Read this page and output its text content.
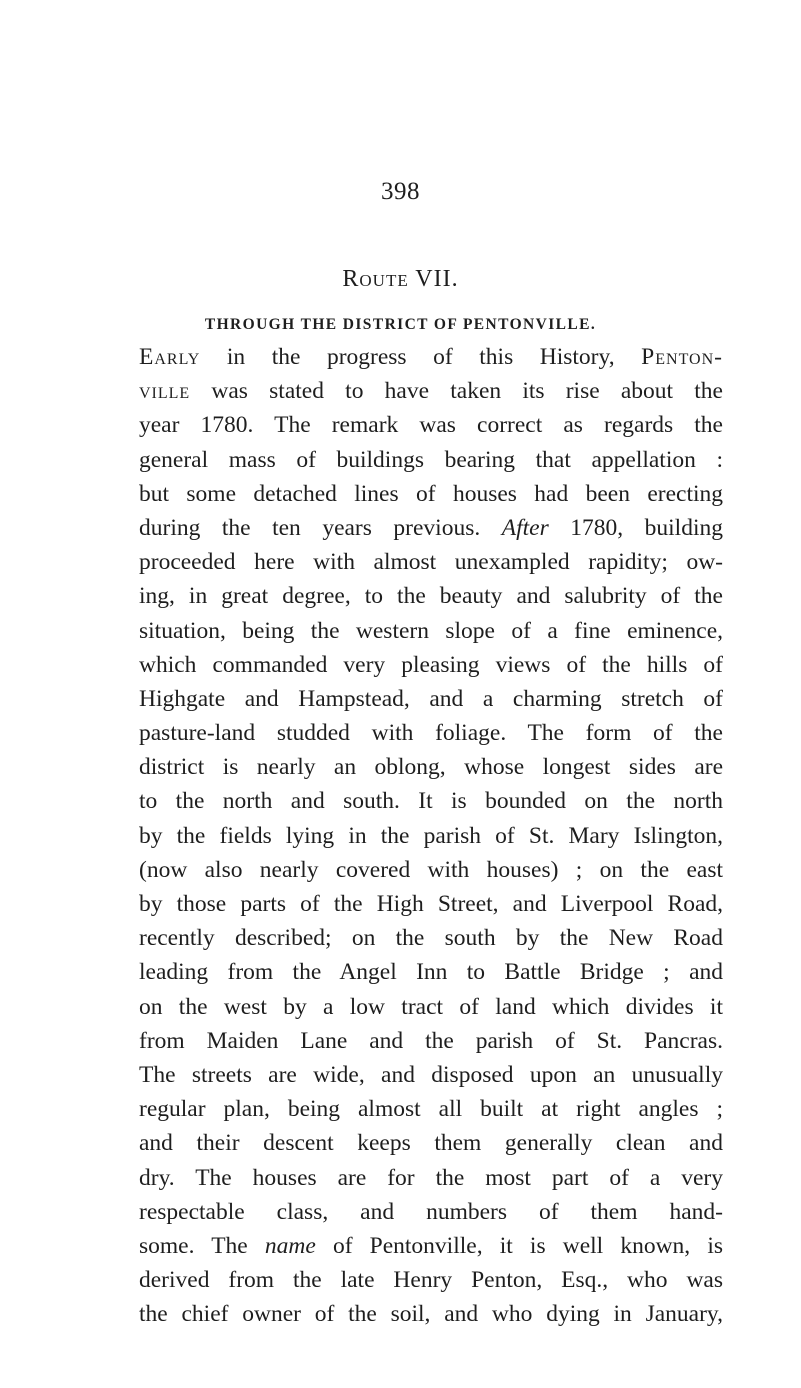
398
Route VII.
THROUGH THE DISTRICT OF PENTONVILLE.
Early in the progress of this History, Penton-
ville was stated to have taken its rise about the
year 1780. The remark was correct as regards the
general mass of buildings bearing that appellation :
but some detached lines of houses had been erecting
during the ten years previous. After 1780, building
proceeded here with almost unexampled rapidity; ow-
ing, in great degree, to the beauty and salubrity of the
situation, being the western slope of a fine eminence,
which commanded very pleasing views of the hills of
Highgate and Hampstead, and a charming stretch of
pasture-land studded with foliage. The form of the
district is nearly an oblong, whose longest sides are
to the north and south. It is bounded on the north
by the fields lying in the parish of St. Mary Islington,
(now also nearly covered with houses) ; on the east
by those parts of the High Street, and Liverpool Road,
recently described; on the south by the New Road
leading from the Angel Inn to Battle Bridge ; and
on the west by a low tract of land which divides it
from Maiden Lane and the parish of St. Pancras.
The streets are wide, and disposed upon an unusually
regular plan, being almost all built at right angles ;
and their descent keeps them generally clean and
dry. The houses are for the most part of a very
respectable class, and numbers of them hand-
some. The name of Pentonville, it is well known, is
derived from the late Henry Penton, Esq., who was
the chief owner of the soil, and who dying in January,
